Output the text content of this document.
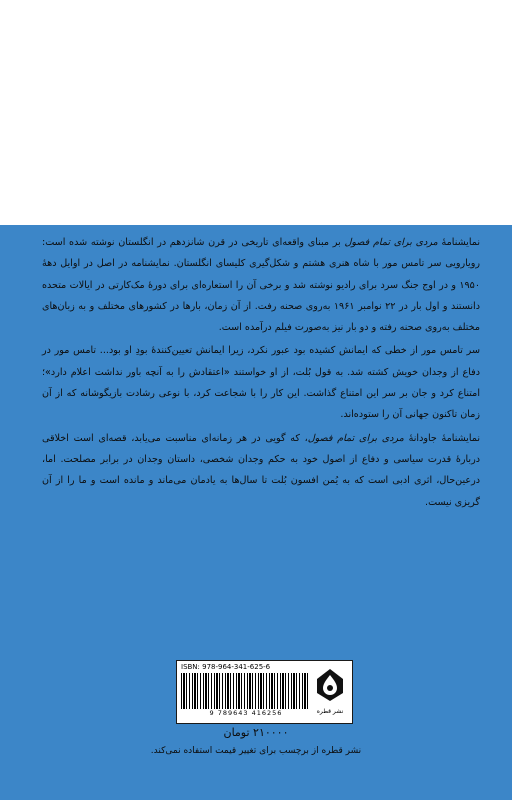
نمایشنامهٔ مردی برای تمام فصول بر مبنای واقعه‌ای تاریخی در قرن شانزدهم در انگلستان نوشته شده است: رویارویی سر تامس مور با شاه هنری هشتم و شکل‌گیری کلیسای انگلستان. نمایشنامه در اصل در اوایل دههٔ ۱۹۵۰ و در اوج جنگ سرد برای رادیو نوشته شد و برخی آن را استعاره‌ای برای دورهٔ مک‌کارتی در ایالات متحده دانستند و اول بار در ۲۲ نوامبر ۱۹۶۱ به‌روی صحنه رفت. از آن زمان، بارها در کشورهای مختلف و به زبان‌های مختلف به‌روی صحنه رفته و دو بار نیز به‌صورت فیلم درآمده است.

سر تامس مور از خطی که ایمانش کشیده بود عبور نکرد، زیرا ایمانش تعیین‌کنندهٔ بودِ او بود... تامس مور در دفاع از وجدان خویش کشته شد. به قول بُلت، از او خواستند «اعتقادش را به آنچه باور نداشت اعلام دارد»؛ امتناع کرد و جان بر سر این امتناع گذاشت. این کار را با شجاعت کرد، با نوعی رشادت بازیگوشانه که از آن زمان تاکنون جهانی آن را ستوده‌اند.

نمایشنامهٔ جاودانهٔ مردی برای تمام فصول، که گویی در هر زمانه‌ای مناسبت می‌یابد، قصه‌ای است اخلاقی دربارهٔ قدرت سیاسی و دفاع از اصول خود به حکم وجدان شخصی، داستان وجدان در برابر مصلحت. اما، درعین‌حال، اثری ادبی است که به یُمن افسون بُلت تا سال‌ها به یادمان می‌ماند و مانده است و ما را از آن گریزی نیست.

ISBN: 978-964-341-625-6
9 789643 416256	نشر قطره
۲۱۰۰۰۰ تومان
نشر قطره از برچسب برای تغییر قیمت استفاده نمی‌کند.
